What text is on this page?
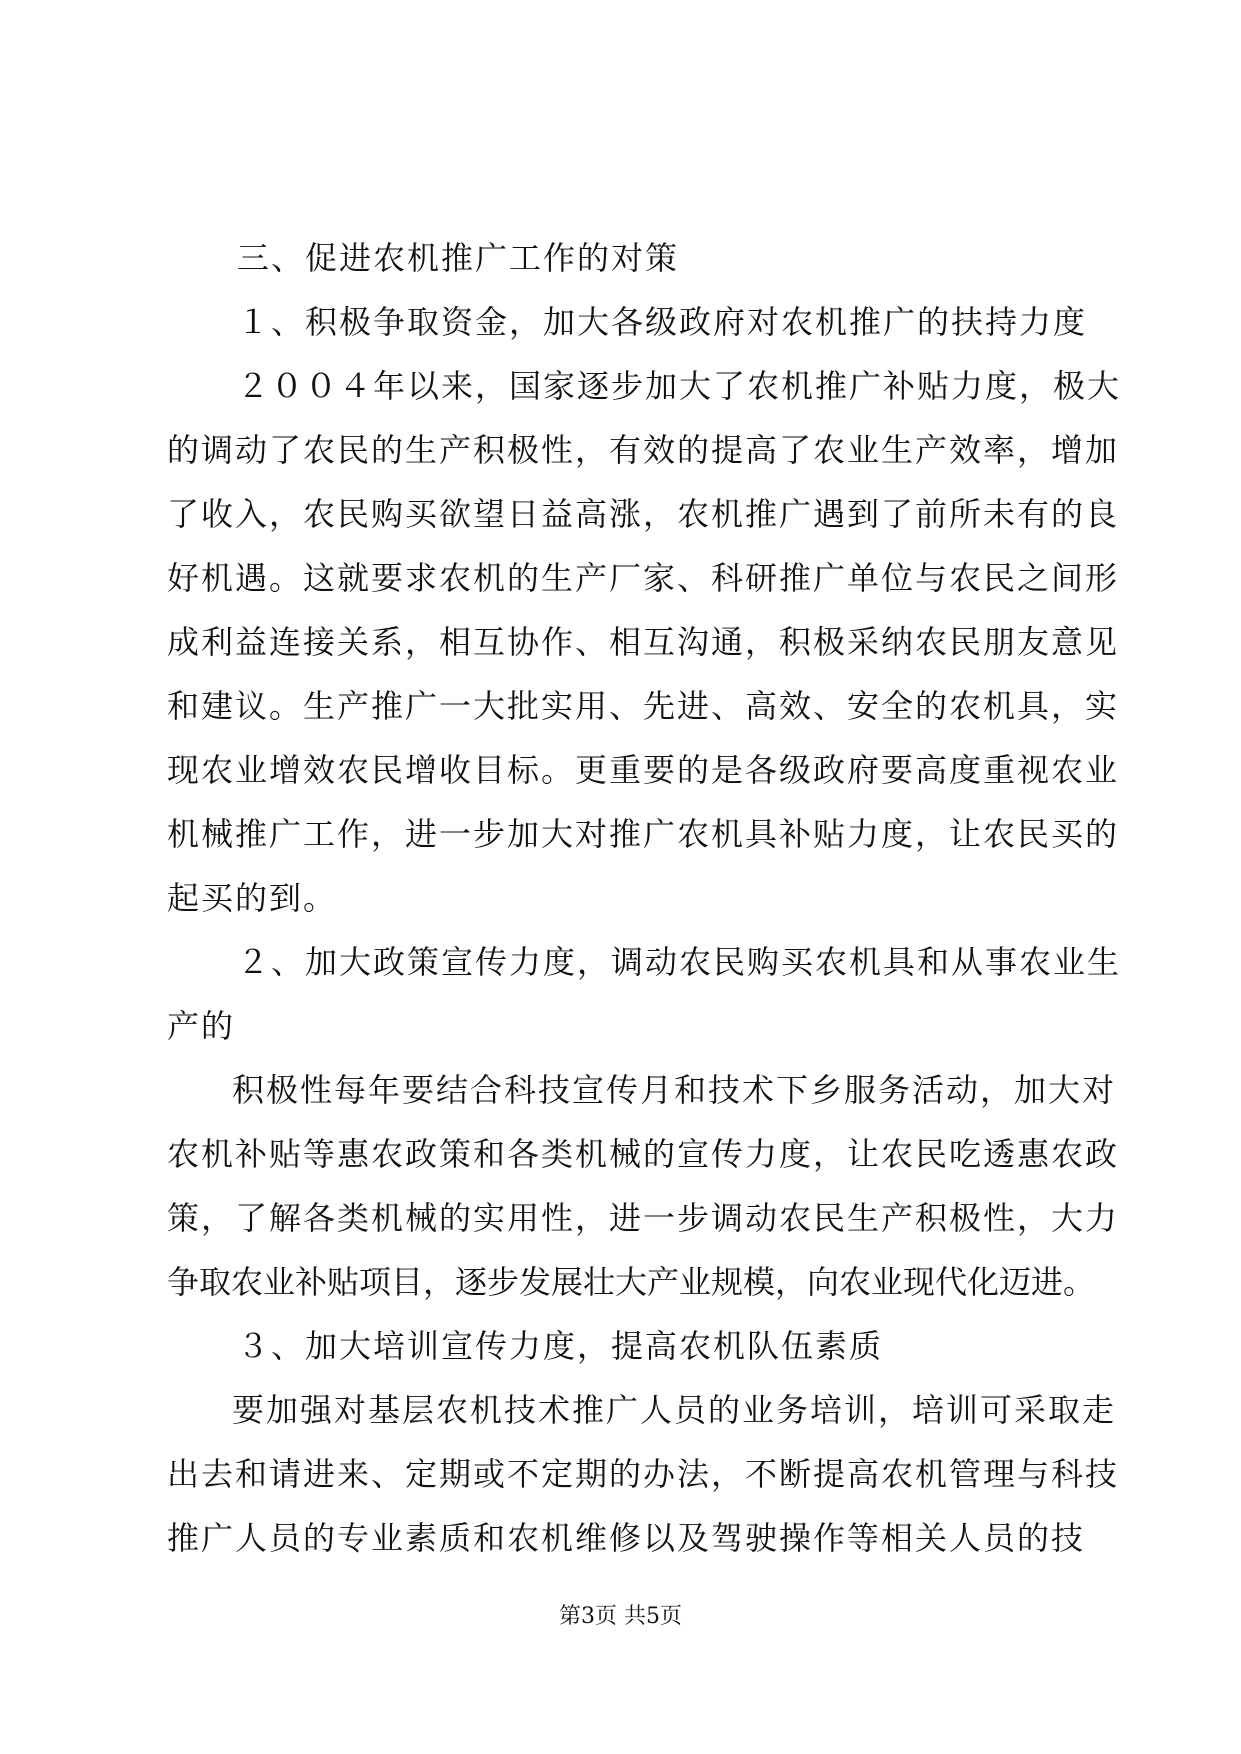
三、促进农机推广工作的对策
１、积极争取资金，加大各级政府对农机推广的扶持力度
２００４年以来，国家逐步加大了农机推广补贴力度，极大
的调动了农民的生产积极性，有效的提高了农业生产效率，增加
了收入，农民购买欲望日益高涨，农机推广遇到了前所未有的良
好机遇。这就要求农机的生产厂家、科研推广单位与农民之间形
成利益连接关系，相互协作、相互沟通，积极采纳农民朋友意见
和建议。生产推广一大批实用、先进、高效、安全的农机具，实
现农业增效农民增收目标。更重要的是各级政府要高度重视农业
机械推广工作，进一步加大对推广农机具补贴力度，让农民买的
起买的到。
２、加大政策宣传力度，调动农民购买农机具和从事农业生
产的
积极性每年要结合科技宣传月和技术下乡服务活动，加大对
农机补贴等惠农政策和各类机械的宣传力度，让农民吃透惠农政
策，了解各类机械的实用性，进一步调动农民生产积极性，大力
争取农业补贴项目，逐步发展壮大产业规模，向农业现代化迈进。
３、加大培训宣传力度，提高农机队伍素质
要加强对基层农机技术推广人员的业务培训，培训可采取走
出去和请进来、定期或不定期的办法，不断提高农机管理与科技
推广人员的专业素质和农机维修以及驾驶操作等相关人员的技
第3页 共5页
